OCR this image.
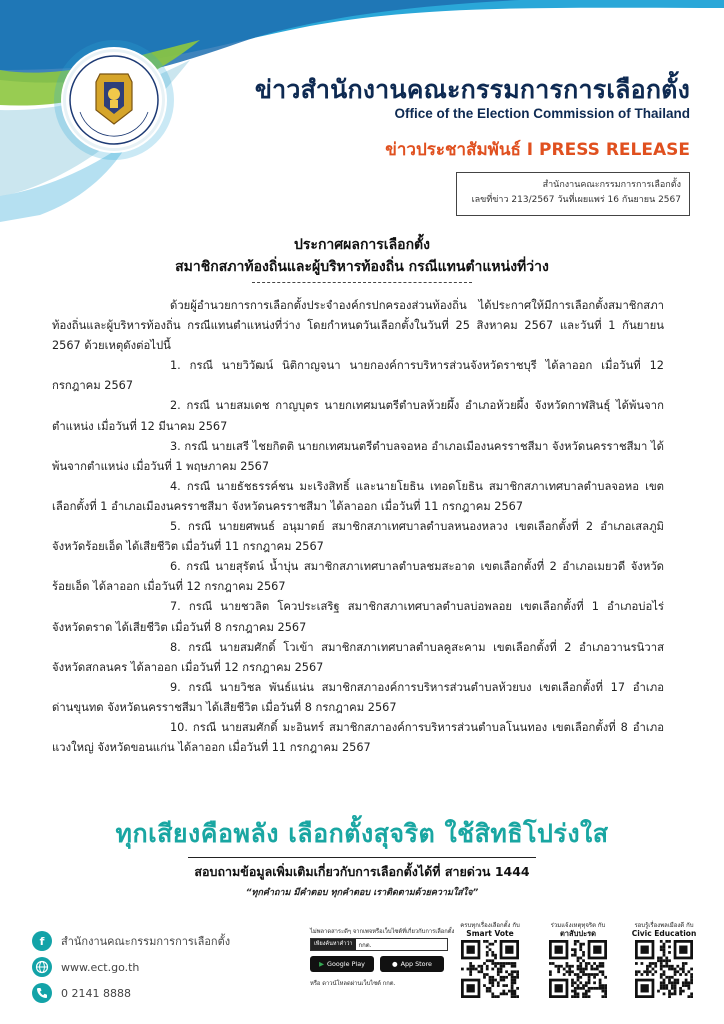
ข่าวสำนักงานคณะกรรมการการเลือกตั้ง
Office of the Election Commission of Thailand
ข่าวประชาสัมพันธ์ I PRESS RELEASE
สำนักงานคณะกรรมการการเลือกตั้ง
เลขที่ข่าว 213/2567 วันที่เผยแพร่ 16 กันยายน 2567
ประกาศผลการเลือกตั้ง
สมาชิกสภาท้องถิ่นและผู้บริหารท้องถิ่น กรณีแทนตำแหน่งที่ว่าง

ด้วยผู้อำนวยการการเลือกตั้งประจำองค์กรปกครองส่วนท้องถิ่น ได้ประกาศให้มีการเลือกตั้งสมาชิกสภาท้องถิ่นและผู้บริหารท้องถิ่น กรณีแทนตำแหน่งที่ว่าง โดยกำหนดวันเลือกตั้งในวันที่ 25 สิงหาคม 2567 และวันที่ 1 กันยายน 2567 ด้วยเหตุดังต่อไปนี้

1. กรณี นายวิวัฒน์ นิติกาญจนา นายกองค์การบริหารส่วนจังหวัดราชบุรี ได้ลาออก เมื่อวันที่ 12 กรกฎาคม 2567

2. กรณี นายสมเดช กาญบุตร นายกเทศมนตรีตำบลห้วยผึ้ง อำเภอห้วยผึ้ง จังหวัดกาฬสินธุ์ ได้พ้นจากตำแหน่ง เมื่อวันที่ 12 มีนาคม 2567

3. กรณี นายเสรี ไชยกิตติ นายกเทศมนตรีตำบลจอหอ อำเภอเมืองนครราชสีมา จังหวัดนครราชสีมา ได้พ้นจากตำแหน่ง เมื่อวันที่ 1 พฤษภาคม 2567

4. กรณี นายธัชธรรค์ชน มะเริงสิทธิ์ และนายโยธิน เทอดโยธิน สมาชิกสภาเทศบาลตำบลจอหอ เขตเลือกตั้งที่ 1 อำเภอเมืองนครราชสีมา จังหวัดนครราชสีมา ได้ลาออก เมื่อวันที่ 11 กรกฎาคม 2567

5. กรณี นายยศพนธ์ อนุมาตย์ สมาชิกสภาเทศบาลตำบลหนองหลวง เขตเลือกตั้งที่ 2 อำเภอเสลภูมิ จังหวัดร้อยเอ็ด ได้เสียชีวิต เมื่อวันที่ 11 กรกฎาคม 2567

6. กรณี นายสุรัตน์ น้ำบุ่น สมาชิกสภาเทศบาลตำบลชมสะอาด เขตเลือกตั้งที่ 2 อำเภอเมยวดี จังหวัดร้อยเอ็ด ได้ลาออก เมื่อวันที่ 12 กรกฎาคม 2567

7. กรณี นายชวลิต โควประเสริฐ สมาชิกสภาเทศบาลตำบลบ่อพลอย เขตเลือกตั้งที่ 1 อำเภอบ่อไร่ จังหวัดตราด ได้เสียชีวิต เมื่อวันที่ 8 กรกฎาคม 2567

8. กรณี นายสมศักดิ์ โวเข้า สมาชิกสภาเทศบาลตำบลคูสะคาม เขตเลือกตั้งที่ 2 อำเภอวานรนิวาส จังหวัดสกลนคร ได้ลาออก เมื่อวันที่ 12 กรกฎาคม 2567

9. กรณี นายวิชล พันธ์แน่น สมาชิกสภาองค์การบริหารส่วนตำบลห้วยบง เขตเลือกตั้งที่ 17 อำเภอด่านขุนทด จังหวัดนครราชสีมา ได้เสียชีวิต เมื่อวันที่ 8 กรกฎาคม 2567

10. กรณี นายสมศักดิ์ มะอินทร์ สมาชิกสภาองค์การบริหารส่วนตำบลโนนทอง เขตเลือกตั้งที่ 8 อำเภอแวงใหญ่ จังหวัดขอนแก่น ได้ลาออก เมื่อวันที่ 11 กรกฎาคม 2567

ทุกเสียงคือพลัง เลือกตั้งสุจริต ใช้สิทธิโปร่งใส
สอบถามข้อมูลเพิ่มเติมเกี่ยวกับการเลือกตั้งได้ที่ สายด่วน 1444
“ทุกคำถาม มีคำตอบ ทุกคำตอบ เราติดตามด้วยความใส่ใจ”
f	สำนักงานคณะกรรมการการเลือกตั้ง
www.ect.go.th
0 2141 8888
ไม่พลาดสาระดีๆ จากเพจหรือเว็บไซต์ที่เกี่ยวกับการเลือกตั้ง
เพียงค้นหาคำว่า	กกต.
▶ Google Play	● App Store
หรือ ดาวน์โหลดผ่านเว็บไซต์ กกต.
ครบทุกเรื่องเลือกตั้ง กับ
Smart Vote
ร่วมแจ้งเหตุทุจริต กับ
ตาสับปะรด
รอบรู้เรื่องพลเมืองดี กับ
Civic Education
